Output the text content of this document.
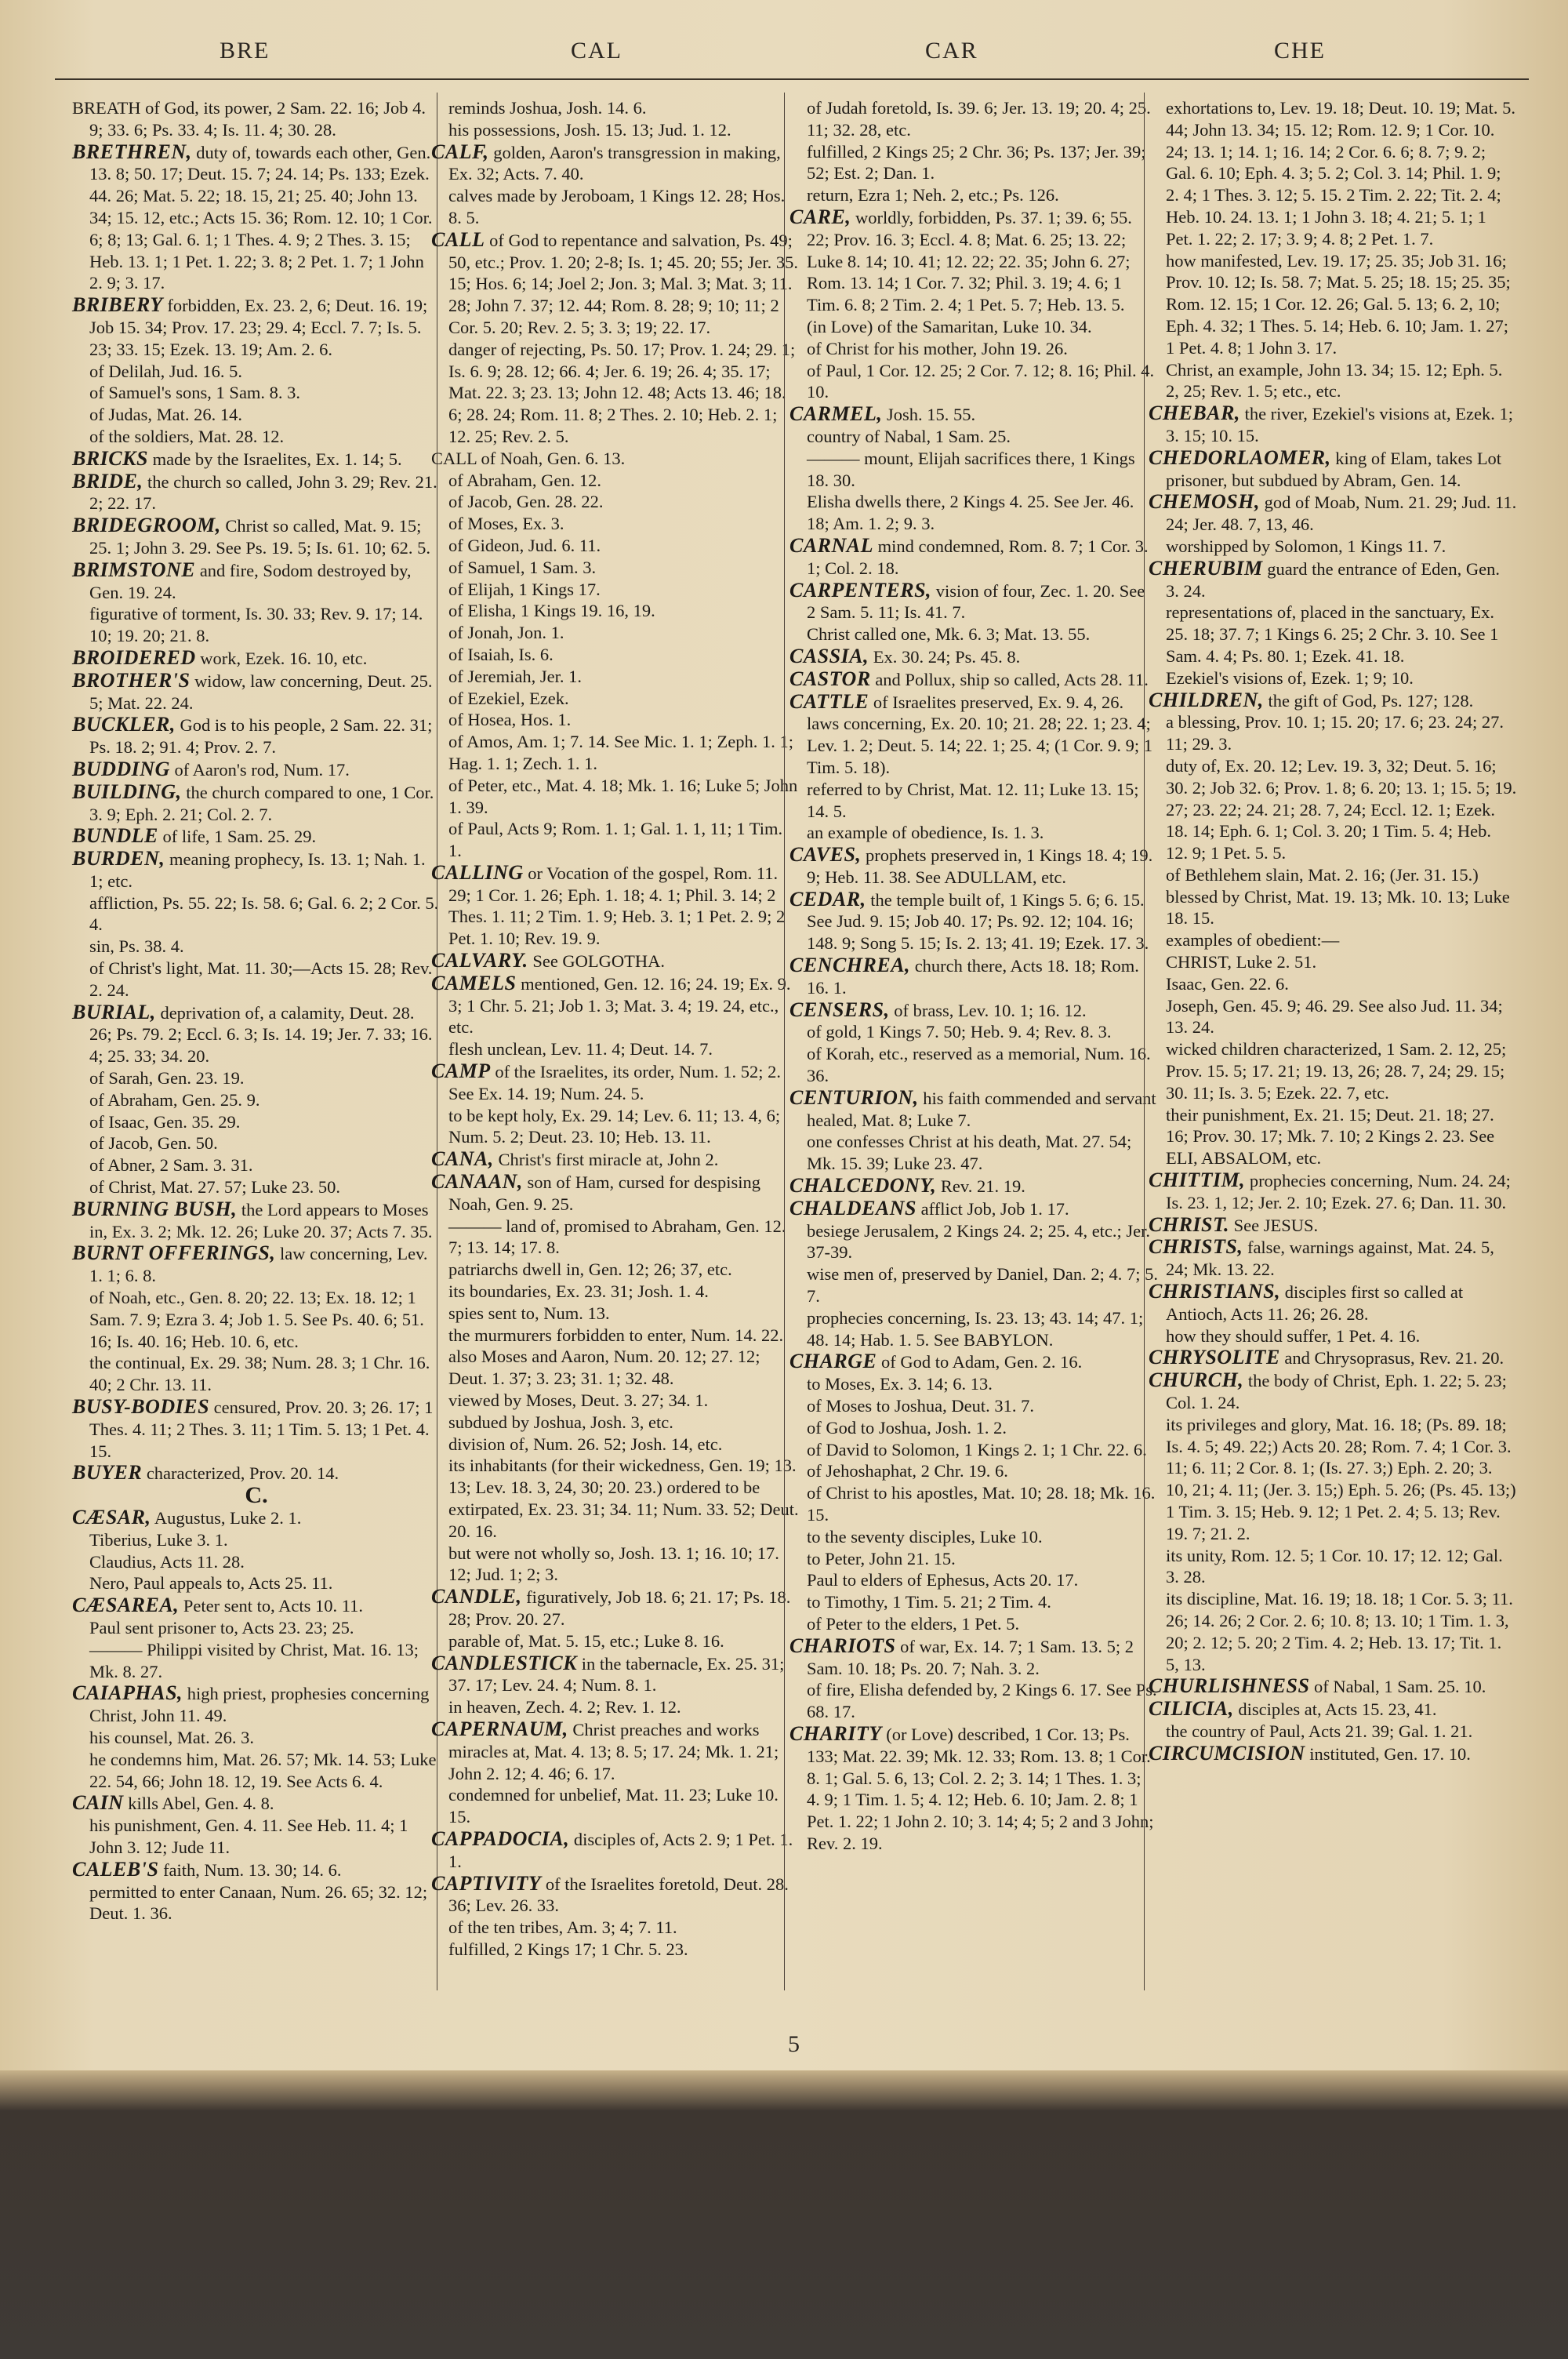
BRE	CAL	CAR	CHE

BREATH of God, its power, 2 Sam. 22. 16; Job 4. 9; 33. 6; Ps. 33. 4; Is. 11. 4; 30. 28.

BRETHREN, duty of, towards each other, Gen. 13. 8; 50. 17; Deut. 15. 7; 24. 14; Ps. 133; Ezek. 44. 26; Mat. 5. 22; 18. 15, 21; 25. 40; John 13. 34; 15. 12, etc.; Acts 15. 36; Rom. 12. 10; 1 Cor. 6; 8; 13; Gal. 6. 1; 1 Thes. 4. 9; 2 Thes. 3. 15; Heb. 13. 1; 1 Pet. 1. 22; 3. 8; 2 Pet. 1. 7; 1 John 2. 9; 3. 17.

BRIBERY forbidden, Ex. 23. 2, 6; Deut. 16. 19; Job 15. 34; Prov. 17. 23; 29. 4; Eccl. 7. 7; Is. 5. 23; 33. 15; Ezek. 13. 19; Am. 2. 6.

of Delilah, Jud. 16. 5.

of Samuel's sons, 1 Sam. 8. 3.

of Judas, Mat. 26. 14.

of the soldiers, Mat. 28. 12.

BRICKS made by the Israelites, Ex. 1. 14; 5.

BRIDE, the church so called, John 3. 29; Rev. 21. 2; 22. 17.

BRIDEGROOM, Christ so called, Mat. 9. 15; 25. 1; John 3. 29. See Ps. 19. 5; Is. 61. 10; 62. 5.

BRIMSTONE and fire, Sodom destroyed by, Gen. 19. 24.

figurative of torment, Is. 30. 33; Rev. 9. 17; 14. 10; 19. 20; 21. 8.

BROIDERED work, Ezek. 16. 10, etc.

BROTHER'S widow, law concerning, Deut. 25. 5; Mat. 22. 24.

BUCKLER, God is to his people, 2 Sam. 22. 31; Ps. 18. 2; 91. 4; Prov. 2. 7.

BUDDING of Aaron's rod, Num. 17.

BUILDING, the church compared to one, 1 Cor. 3. 9; Eph. 2. 21; Col. 2. 7.

BUNDLE of life, 1 Sam. 25. 29.

BURDEN, meaning prophecy, Is. 13. 1; Nah. 1. 1; etc.

affliction, Ps. 55. 22; Is. 58. 6; Gal. 6. 2; 2 Cor. 5. 4.

sin, Ps. 38. 4.

of Christ's light, Mat. 11. 30;—Acts 15. 28; Rev. 2. 24.

BURIAL, deprivation of, a calamity, Deut. 28. 26; Ps. 79. 2; Eccl. 6. 3; Is. 14. 19; Jer. 7. 33; 16. 4; 25. 33; 34. 20.

of Sarah, Gen. 23. 19.

of Abraham, Gen. 25. 9.

of Isaac, Gen. 35. 29.

of Jacob, Gen. 50.

of Abner, 2 Sam. 3. 31.

of Christ, Mat. 27. 57; Luke 23. 50.

BURNING BUSH, the Lord appears to Moses in, Ex. 3. 2; Mk. 12. 26; Luke 20. 37; Acts 7. 35.

BURNT OFFERINGS, law concerning, Lev. 1. 1; 6. 8.

of Noah, etc., Gen. 8. 20; 22. 13; Ex. 18. 12; 1 Sam. 7. 9; Ezra 3. 4; Job 1. 5. See Ps. 40. 6; 51. 16; Is. 40. 16; Heb. 10. 6, etc.

the continual, Ex. 29. 38; Num. 28. 3; 1 Chr. 16. 40; 2 Chr. 13. 11.

BUSY-BODIES censured, Prov. 20. 3; 26. 17; 1 Thes. 4. 11; 2 Thes. 3. 11; 1 Tim. 5. 13; 1 Pet. 4. 15.

BUYER characterized, Prov. 20. 14.

C.

CÆSAR, Augustus, Luke 2. 1.

Tiberius, Luke 3. 1.

Claudius, Acts 11. 28.

Nero, Paul appeals to, Acts 25. 11.

CÆSAREA, Peter sent to, Acts 10. 11.

Paul sent prisoner to, Acts 23. 23; 25.

——— Philippi visited by Christ, Mat. 16. 13; Mk. 8. 27.

CAIAPHAS, high priest, prophesies concerning Christ, John 11. 49.

his counsel, Mat. 26. 3.

he condemns him, Mat. 26. 57; Mk. 14. 53; Luke 22. 54, 66; John 18. 12, 19. See Acts 6. 4.

CAIN kills Abel, Gen. 4. 8.

his punishment, Gen. 4. 11. See Heb. 11. 4; 1 John 3. 12; Jude 11.

CALEB'S faith, Num. 13. 30; 14. 6.

permitted to enter Canaan, Num. 26. 65; 32. 12; Deut. 1. 36.

reminds Joshua, Josh. 14. 6.

his possessions, Josh. 15. 13; Jud. 1. 12.

CALF, golden, Aaron's transgression in making, Ex. 32; Acts. 7. 40.

calves made by Jeroboam, 1 Kings 12. 28; Hos. 8. 5.

CALL of God to repentance and salvation, Ps. 49; 50, etc.; Prov. 1. 20; 2-8; Is. 1; 45. 20; 55; Jer. 35. 15; Hos. 6; 14; Joel 2; Jon. 3; Mal. 3; Mat. 3; 11. 28; John 7. 37; 12. 44; Rom. 8. 28; 9; 10; 11; 2 Cor. 5. 20; Rev. 2. 5; 3. 3; 19; 22. 17.

danger of rejecting, Ps. 50. 17; Prov. 1. 24; 29. 1; Is. 6. 9; 28. 12; 66. 4; Jer. 6. 19; 26. 4; 35. 17; Mat. 22. 3; 23. 13; John 12. 48; Acts 13. 46; 18. 6; 28. 24; Rom. 11. 8; 2 Thes. 2. 10; Heb. 2. 1; 12. 25; Rev. 2. 5.

CALL of Noah, Gen. 6. 13.

of Abraham, Gen. 12.

of Jacob, Gen. 28. 22.

of Moses, Ex. 3.

of Gideon, Jud. 6. 11.

of Samuel, 1 Sam. 3.

of Elijah, 1 Kings 17.

of Elisha, 1 Kings 19. 16, 19.

of Jonah, Jon. 1.

of Isaiah, Is. 6.

of Jeremiah, Jer. 1.

of Ezekiel, Ezek.

of Hosea, Hos. 1.

of Amos, Am. 1; 7. 14. See Mic. 1. 1; Zeph. 1. 1; Hag. 1. 1; Zech. 1. 1.

of Peter, etc., Mat. 4. 18; Mk. 1. 16; Luke 5; John 1. 39.

of Paul, Acts 9; Rom. 1. 1; Gal. 1. 1, 11; 1 Tim. 1.

CALLING or Vocation of the gospel, Rom. 11. 29; 1 Cor. 1. 26; Eph. 1. 18; 4. 1; Phil. 3. 14; 2 Thes. 1. 11; 2 Tim. 1. 9; Heb. 3. 1; 1 Pet. 2. 9; 2 Pet. 1. 10; Rev. 19. 9.

CALVARY. See GOLGOTHA.

CAMELS mentioned, Gen. 12. 16; 24. 19; Ex. 9. 3; 1 Chr. 5. 21; Job 1. 3; Mat. 3. 4; 19. 24, etc., etc.

flesh unclean, Lev. 11. 4; Deut. 14. 7.

CAMP of the Israelites, its order, Num. 1. 52; 2. See Ex. 14. 19; Num. 24. 5.

to be kept holy, Ex. 29. 14; Lev. 6. 11; 13. 4, 6; Num. 5. 2; Deut. 23. 10; Heb. 13. 11.

CANA, Christ's first miracle at, John 2.

CANAAN, son of Ham, cursed for despising Noah, Gen. 9. 25.

——— land of, promised to Abraham, Gen. 12. 7; 13. 14; 17. 8.

patriarchs dwell in, Gen. 12; 26; 37, etc.

its boundaries, Ex. 23. 31; Josh. 1. 4.

spies sent to, Num. 13.

the murmurers forbidden to enter, Num. 14. 22.

also Moses and Aaron, Num. 20. 12; 27. 12; Deut. 1. 37; 3. 23; 31. 1; 32. 48.

viewed by Moses, Deut. 3. 27; 34. 1.

subdued by Joshua, Josh. 3, etc.

division of, Num. 26. 52; Josh. 14, etc.

its inhabitants (for their wickedness, Gen. 19; 13. 13; Lev. 18. 3, 24, 30; 20. 23.) ordered to be extirpated, Ex. 23. 31; 34. 11; Num. 33. 52; Deut. 20. 16.

but were not wholly so, Josh. 13. 1; 16. 10; 17. 12; Jud. 1; 2; 3.

CANDLE, figuratively, Job 18. 6; 21. 17; Ps. 18. 28; Prov. 20. 27.

parable of, Mat. 5. 15, etc.; Luke 8. 16.

CANDLESTICK in the tabernacle, Ex. 25. 31; 37. 17; Lev. 24. 4; Num. 8. 1.

in heaven, Zech. 4. 2; Rev. 1. 12.

CAPERNAUM, Christ preaches and works miracles at, Mat. 4. 13; 8. 5; 17. 24; Mk. 1. 21; John 2. 12; 4. 46; 6. 17.

condemned for unbelief, Mat. 11. 23; Luke 10. 15.

CAPPADOCIA, disciples of, Acts 2. 9; 1 Pet. 1. 1.

CAPTIVITY of the Israelites foretold, Deut. 28. 36; Lev. 26. 33.

of the ten tribes, Am. 3; 4; 7. 11.

fulfilled, 2 Kings 17; 1 Chr. 5. 23.

of Judah foretold, Is. 39. 6; Jer. 13. 19; 20. 4; 25. 11; 32. 28, etc.

fulfilled, 2 Kings 25; 2 Chr. 36; Ps. 137; Jer. 39; 52; Est. 2; Dan. 1.

return, Ezra 1; Neh. 2, etc.; Ps. 126.

CARE, worldly, forbidden, Ps. 37. 1; 39. 6; 55. 22; Prov. 16. 3; Eccl. 4. 8; Mat. 6. 25; 13. 22; Luke 8. 14; 10. 41; 12. 22; 22. 35; John 6. 27; Rom. 13. 14; 1 Cor. 7. 32; Phil. 3. 19; 4. 6; 1 Tim. 6. 8; 2 Tim. 2. 4; 1 Pet. 5. 7; Heb. 13. 5.

(in Love) of the Samaritan, Luke 10. 34.

of Christ for his mother, John 19. 26.

of Paul, 1 Cor. 12. 25; 2 Cor. 7. 12; 8. 16; Phil. 4. 10.

CARMEL, Josh. 15. 55.

country of Nabal, 1 Sam. 25.

——— mount, Elijah sacrifices there, 1 Kings 18. 30.

Elisha dwells there, 2 Kings 4. 25. See Jer. 46. 18; Am. 1. 2; 9. 3.

CARNAL mind condemned, Rom. 8. 7; 1 Cor. 3. 1; Col. 2. 18.

CARPENTERS, vision of four, Zec. 1. 20. See 2 Sam. 5. 11; Is. 41. 7.

Christ called one, Mk. 6. 3; Mat. 13. 55.

CASSIA, Ex. 30. 24; Ps. 45. 8.

CASTOR and Pollux, ship so called, Acts 28. 11.

CATTLE of Israelites preserved, Ex. 9. 4, 26.

laws concerning, Ex. 20. 10; 21. 28; 22. 1; 23. 4; Lev. 1. 2; Deut. 5. 14; 22. 1; 25. 4; (1 Cor. 9. 9; 1 Tim. 5. 18).

referred to by Christ, Mat. 12. 11; Luke 13. 15; 14. 5.

an example of obedience, Is. 1. 3.

CAVES, prophets preserved in, 1 Kings 18. 4; 19. 9; Heb. 11. 38. See ADULLAM, etc.

CEDAR, the temple built of, 1 Kings 5. 6; 6. 15. See Jud. 9. 15; Job 40. 17; Ps. 92. 12; 104. 16; 148. 9; Song 5. 15; Is. 2. 13; 41. 19; Ezek. 17. 3.

CENCHREA, church there, Acts 18. 18; Rom. 16. 1.

CENSERS, of brass, Lev. 10. 1; 16. 12.

of gold, 1 Kings 7. 50; Heb. 9. 4; Rev. 8. 3.

of Korah, etc., reserved as a memorial, Num. 16. 36.

CENTURION, his faith commended and servant healed, Mat. 8; Luke 7.

one confesses Christ at his death, Mat. 27. 54; Mk. 15. 39; Luke 23. 47.

CHALCEDONY, Rev. 21. 19.

CHALDEANS afflict Job, Job 1. 17.

besiege Jerusalem, 2 Kings 24. 2; 25. 4, etc.; Jer. 37-39.

wise men of, preserved by Daniel, Dan. 2; 4. 7; 5. 7.

prophecies concerning, Is. 23. 13; 43. 14; 47. 1; 48. 14; Hab. 1. 5. See BABYLON.

CHARGE of God to Adam, Gen. 2. 16.

to Moses, Ex. 3. 14; 6. 13.

of Moses to Joshua, Deut. 31. 7.

of God to Joshua, Josh. 1. 2.

of David to Solomon, 1 Kings 2. 1; 1 Chr. 22. 6.

of Jehoshaphat, 2 Chr. 19. 6.

of Christ to his apostles, Mat. 10; 28. 18; Mk. 16. 15.

to the seventy disciples, Luke 10.

to Peter, John 21. 15.

Paul to elders of Ephesus, Acts 20. 17.

to Timothy, 1 Tim. 5. 21; 2 Tim. 4.

of Peter to the elders, 1 Pet. 5.

CHARIOTS of war, Ex. 14. 7; 1 Sam. 13. 5; 2 Sam. 10. 18; Ps. 20. 7; Nah. 3. 2.

of fire, Elisha defended by, 2 Kings 6. 17. See Ps. 68. 17.

CHARITY (or Love) described, 1 Cor. 13; Ps. 133; Mat. 22. 39; Mk. 12. 33; Rom. 13. 8; 1 Cor. 8. 1; Gal. 5. 6, 13; Col. 2. 2; 3. 14; 1 Thes. 1. 3; 4. 9; 1 Tim. 1. 5; 4. 12; Heb. 6. 10; Jam. 2. 8; 1 Pet. 1. 22; 1 John 2. 10; 3. 14; 4; 5; 2 and 3 John; Rev. 2. 19.

exhortations to, Lev. 19. 18; Deut. 10. 19; Mat. 5. 44; John 13. 34; 15. 12; Rom. 12. 9; 1 Cor. 10. 24; 13. 1; 14. 1; 16. 14; 2 Cor. 6. 6; 8. 7; 9. 2; Gal. 6. 10; Eph. 4. 3; 5. 2; Col. 3. 14; Phil. 1. 9; 2. 4; 1 Thes. 3. 12; 5. 15. 2 Tim. 2. 22; Tit. 2. 4; Heb. 10. 24. 13. 1; 1 John 3. 18; 4. 21; 5. 1; 1 Pet. 1. 22; 2. 17; 3. 9; 4. 8; 2 Pet. 1. 7.

how manifested, Lev. 19. 17; 25. 35; Job 31. 16; Prov. 10. 12; Is. 58. 7; Mat. 5. 25; 18. 15; 25. 35; Rom. 12. 15; 1 Cor. 12. 26; Gal. 5. 13; 6. 2, 10; Eph. 4. 32; 1 Thes. 5. 14; Heb. 6. 10; Jam. 1. 27; 1 Pet. 4. 8; 1 John 3. 17.

Christ, an example, John 13. 34; 15. 12; Eph. 5. 2, 25; Rev. 1. 5; etc., etc.

CHEBAR, the river, Ezekiel's visions at, Ezek. 1; 3. 15; 10. 15.

CHEDORLAOMER, king of Elam, takes Lot prisoner, but subdued by Abram, Gen. 14.

CHEMOSH, god of Moab, Num. 21. 29; Jud. 11. 24; Jer. 48. 7, 13, 46.

worshipped by Solomon, 1 Kings 11. 7.

CHERUBIM guard the entrance of Eden, Gen. 3. 24.

representations of, placed in the sanctuary, Ex. 25. 18; 37. 7; 1 Kings 6. 25; 2 Chr. 3. 10. See 1 Sam. 4. 4; Ps. 80. 1; Ezek. 41. 18.

Ezekiel's visions of, Ezek. 1; 9; 10.

CHILDREN, the gift of God, Ps. 127; 128.

a blessing, Prov. 10. 1; 15. 20; 17. 6; 23. 24; 27. 11; 29. 3.

duty of, Ex. 20. 12; Lev. 19. 3, 32; Deut. 5. 16; 30. 2; Job 32. 6; Prov. 1. 8; 6. 20; 13. 1; 15. 5; 19. 27; 23. 22; 24. 21; 28. 7, 24; Eccl. 12. 1; Ezek. 18. 14; Eph. 6. 1; Col. 3. 20; 1 Tim. 5. 4; Heb. 12. 9; 1 Pet. 5. 5.

of Bethlehem slain, Mat. 2. 16; (Jer. 31. 15.)

blessed by Christ, Mat. 19. 13; Mk. 10. 13; Luke 18. 15.

examples of obedient:—

CHRIST, Luke 2. 51.

Isaac, Gen. 22. 6.

Joseph, Gen. 45. 9; 46. 29. See also Jud. 11. 34; 13. 24.

wicked children characterized, 1 Sam. 2. 12, 25; Prov. 15. 5; 17. 21; 19. 13, 26; 28. 7, 24; 29. 15; 30. 11; Is. 3. 5; Ezek. 22. 7, etc.

their punishment, Ex. 21. 15; Deut. 21. 18; 27. 16; Prov. 30. 17; Mk. 7. 10; 2 Kings 2. 23. See ELI, ABSALOM, etc.

CHITTIM, prophecies concerning, Num. 24. 24; Is. 23. 1, 12; Jer. 2. 10; Ezek. 27. 6; Dan. 11. 30.

CHRIST. See JESUS.

CHRISTS, false, warnings against, Mat. 24. 5, 24; Mk. 13. 22.

CHRISTIANS, disciples first so called at Antioch, Acts 11. 26; 26. 28.

how they should suffer, 1 Pet. 4. 16.

CHRYSOLITE and Chrysoprasus, Rev. 21. 20.

CHURCH, the body of Christ, Eph. 1. 22; 5. 23; Col. 1. 24.

its privileges and glory, Mat. 16. 18; (Ps. 89. 18; Is. 4. 5; 49. 22;) Acts 20. 28; Rom. 7. 4; 1 Cor. 3. 11; 6. 11; 2 Cor. 8. 1; (Is. 27. 3;) Eph. 2. 20; 3. 10, 21; 4. 11; (Jer. 3. 15;) Eph. 5. 26; (Ps. 45. 13;) 1 Tim. 3. 15; Heb. 9. 12; 1 Pet. 2. 4; 5. 13; Rev. 19. 7; 21. 2.

its unity, Rom. 12. 5; 1 Cor. 10. 17; 12. 12; Gal. 3. 28.

its discipline, Mat. 16. 19; 18. 18; 1 Cor. 5. 3; 11. 26; 14. 26; 2 Cor. 2. 6; 10. 8; 13. 10; 1 Tim. 1. 3, 20; 2. 12; 5. 20; 2 Tim. 4. 2; Heb. 13. 17; Tit. 1. 5, 13.

CHURLISHNESS of Nabal, 1 Sam. 25. 10.

CILICIA, disciples at, Acts 15. 23, 41.

the country of Paul, Acts 21. 39; Gal. 1. 21.

CIRCUMCISION instituted, Gen. 17. 10.

5
